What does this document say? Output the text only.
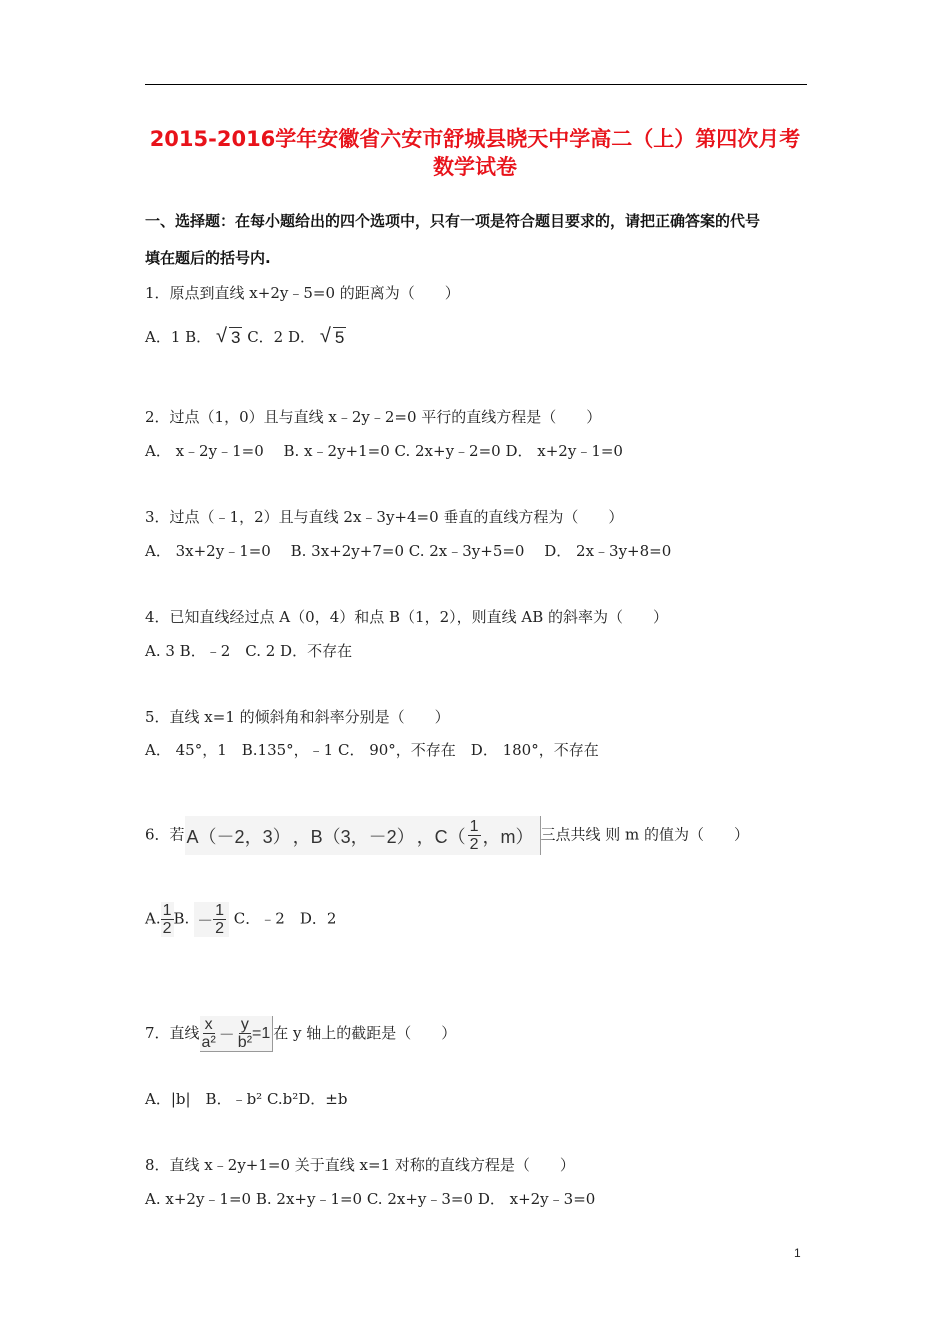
2015-2016学年安徽省六安市舒城县晓天中学高二（上）第四次月考
数学试卷
一、选择题：在每小题给出的四个选项中，只有一项是符合题目要求的，请把正确答案的代号
填在题后的括号内.
1．原点到直线 x+2y﹣5=0 的距离为（　　）
A．1 B． √ 3 C．2 D． √ 5
2．过点（1，0）且与直线 x﹣2y﹣2=0 平行的直线方程是（　　）
A． x﹣2y﹣1=0　 B. x﹣2y+1=0 C. 2x+y﹣2=0 D． x+2y﹣1=0
3．过点（﹣1，2）且与直线 2x﹣3y+4=0 垂直的直线方程为（　　）
A． 3x+2y﹣1=0　 B. 3x+2y+7=0 C. 2x﹣3y+5=0　 D． 2x﹣3y+8=0
4．已知直线经过点 A（0，4）和点 B（1，2），则直线 AB 的斜率为（　　）
A. 3 B．﹣2　C. 2 D．不存在
5．直线 x=1 的倾斜角和斜率分别是（　　）
A． 45°，1　B.135°，﹣1 C． 90°，不存在　D． 180°，不存在
6．若 A（－2，3） ，B（3，－2） ，$C( \frac{1}{2}$ ，m） 三点共线 则 m 的值为（　　）
A. $\frac{1}{2} B$. － $\frac{1}{2}$ C．﹣2　D．2
7．直线 $\frac{x}{\text{a²}} - \frac{y}{\text{b²}} =1$ 在 y 轴上的截距是（　　）
A．|b|　B．﹣b² C.b²D．±b
8．直线 x﹣2y+1=0 关于直线 x=1 对称的直线方程是（　　）
A. x+2y﹣1=0 B. 2x+y﹣1=0 C. 2x+y﹣3=0 D． x+2y﹣3=0
1
